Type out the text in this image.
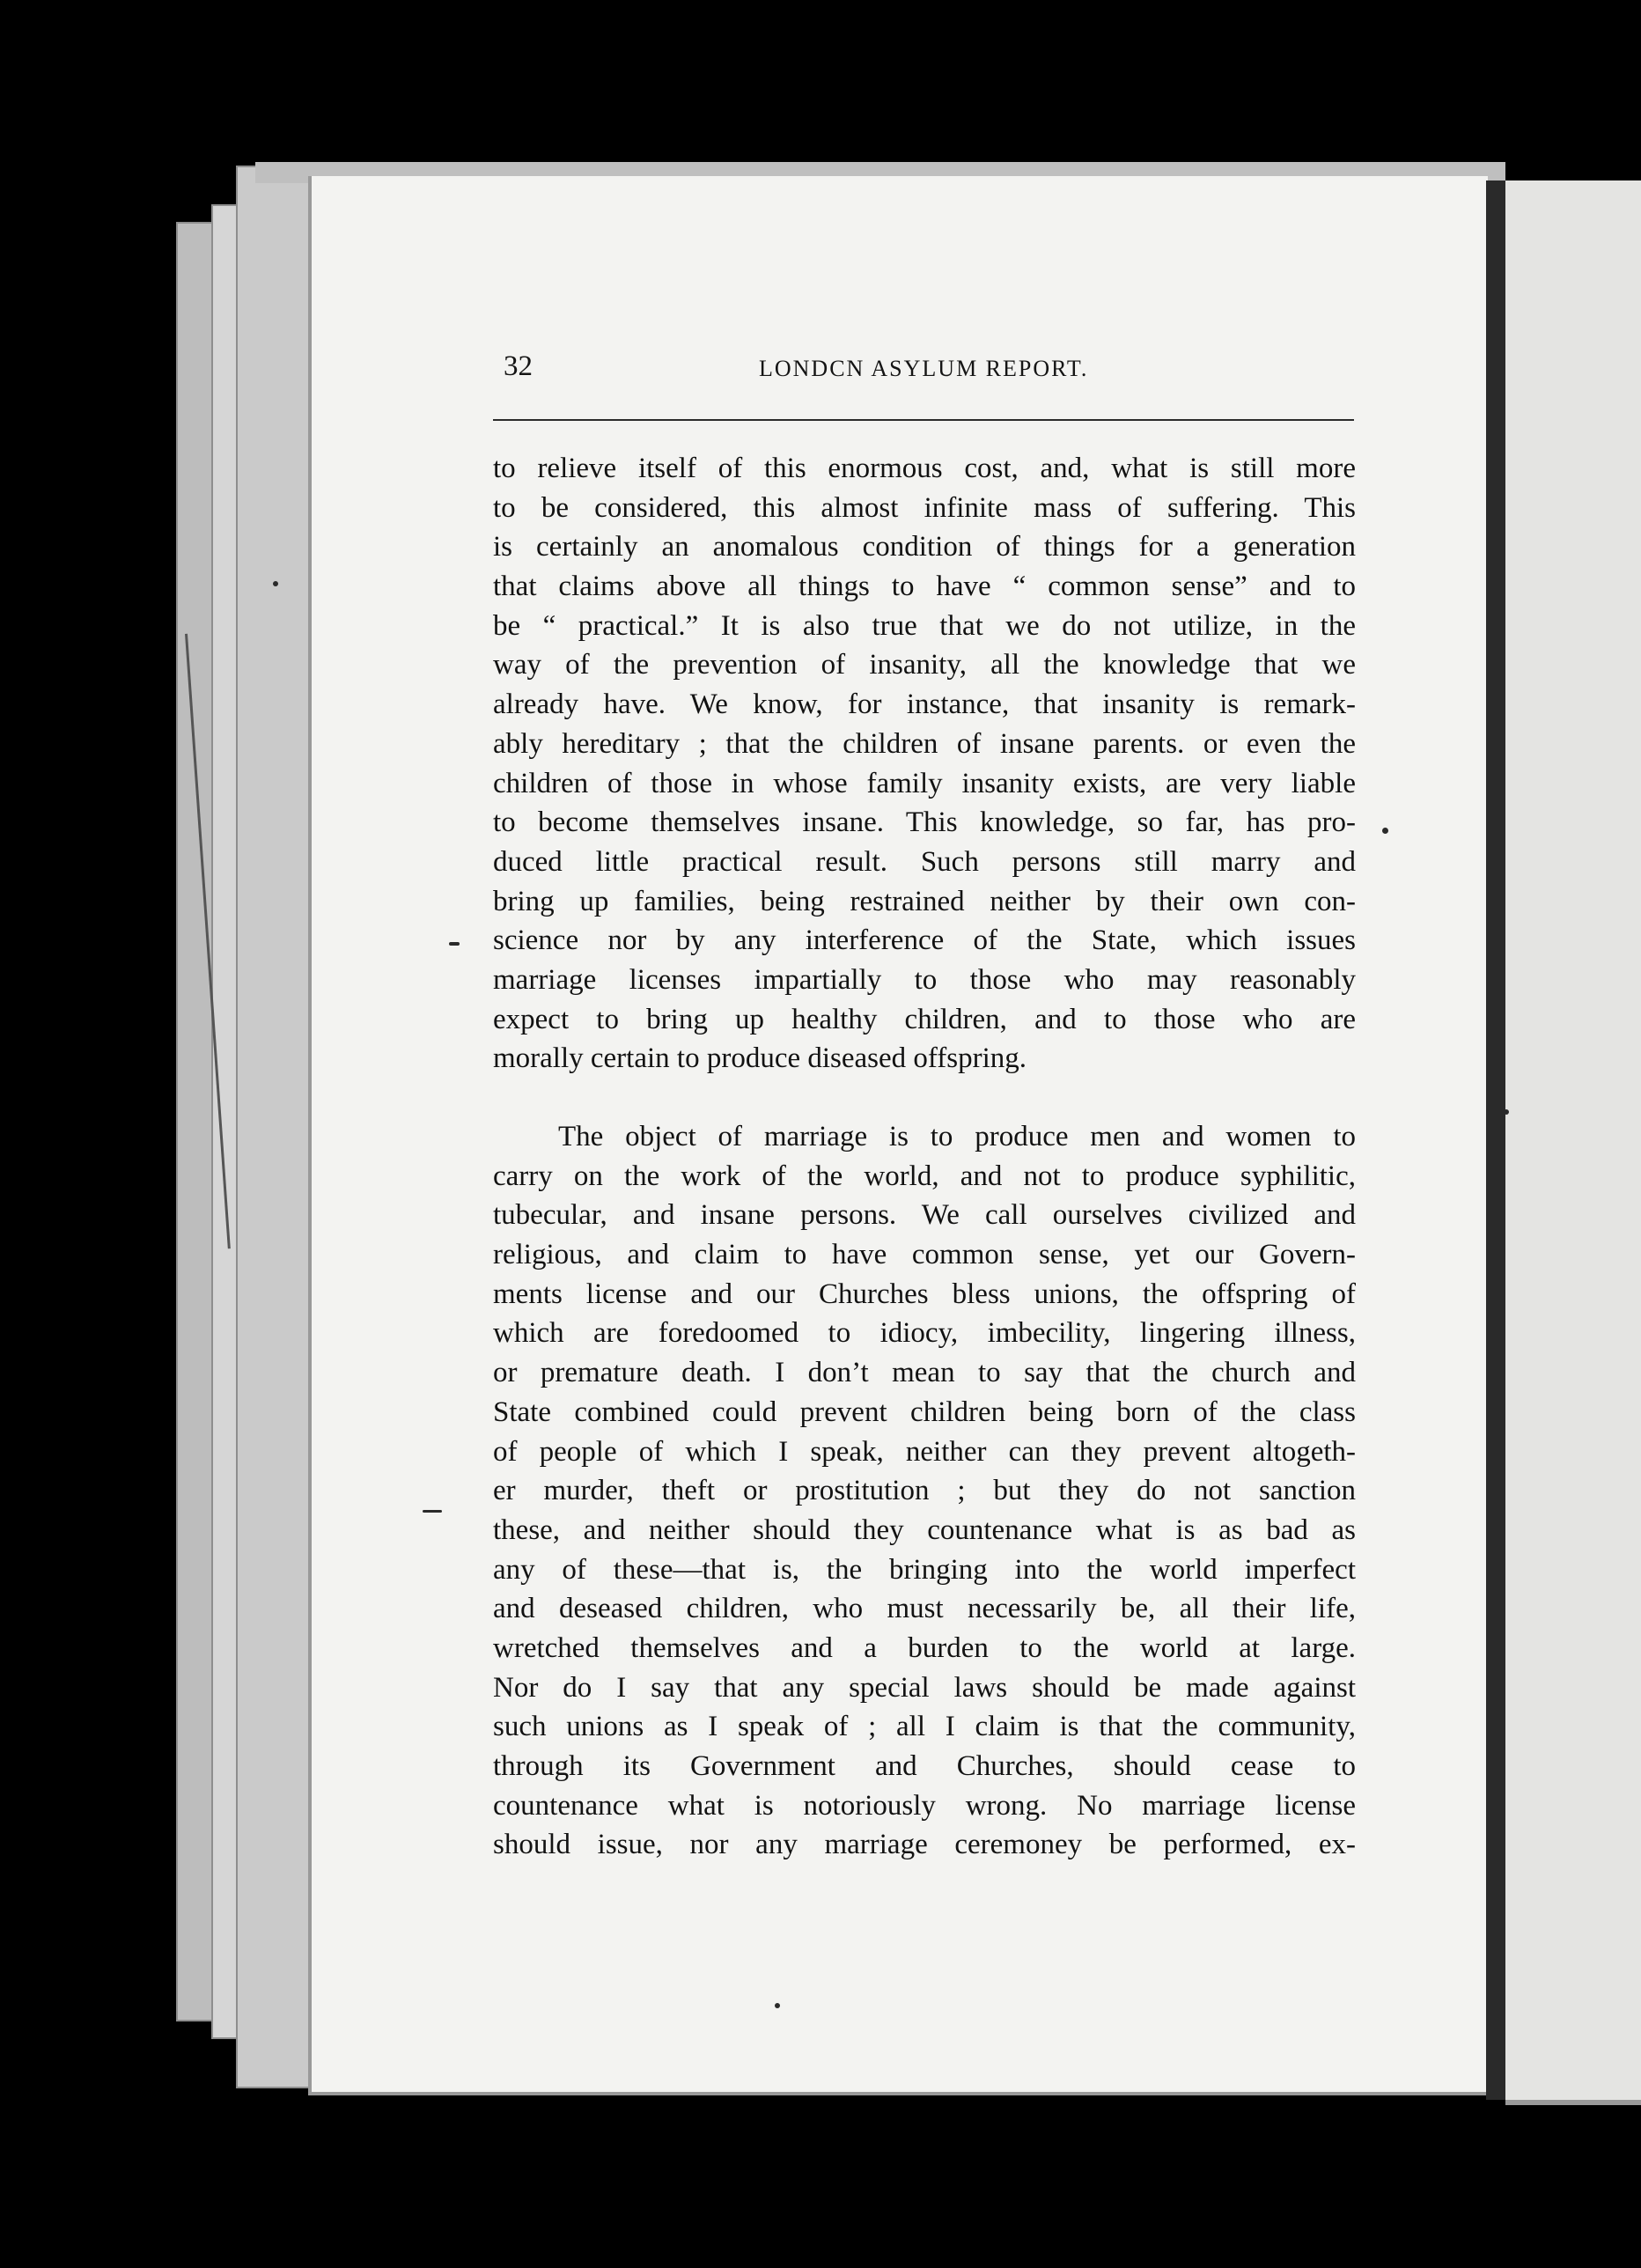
32	LONDCN ASYLUM REPORT.
to relieve itself of this enormous cost, and, what is still more
to be considered, this almost infinite mass of suffering. This
is certainly an anomalous condition of things for a generation
that claims above all things to have “ common sense” and to
be “ practical.” It is also true that we do not utilize, in the
way of the prevention of insanity, all the knowledge that we
already have. We know, for instance, that insanity is remark-
ably hereditary ; that the children of insane parents. or even the
children of those in whose family insanity exists, are very liable
to become themselves insane. This knowledge, so far, has pro-
duced little practical result. Such persons still marry and
bring up families, being restrained neither by their own con-
science nor by any interference of the State, which issues
marriage licenses impartially to those who may reasonably
expect to bring up healthy children, and to those who are
morally certain to produce diseased offspring.
The object of marriage is to produce men and women to
carry on the work of the world, and not to produce syphilitic,
tubecular, and insane persons. We call ourselves civilized and
religious, and claim to have common sense, yet our Govern-
ments license and our Churches bless unions, the offspring of
which are foredoomed to idiocy, imbecility, lingering illness,
or premature death. I don’t mean to say that the church and
State combined could prevent children being born of the class
of people of which I speak, neither can they prevent altogeth-
er murder, theft or prostitution ; but they do not sanction
these, and neither should they countenance what is as bad as
any of these—that is, the bringing into the world imperfect
and deseased children, who must necessarily be, all their life,
wretched themselves and a burden to the world at large.
Nor do I say that any special laws should be made against
such unions as I speak of ; all I claim is that the community,
through its Government and Churches, should cease to
countenance what is notoriously wrong. No marriage license
should issue, nor any marriage ceremoney be performed, ex-
